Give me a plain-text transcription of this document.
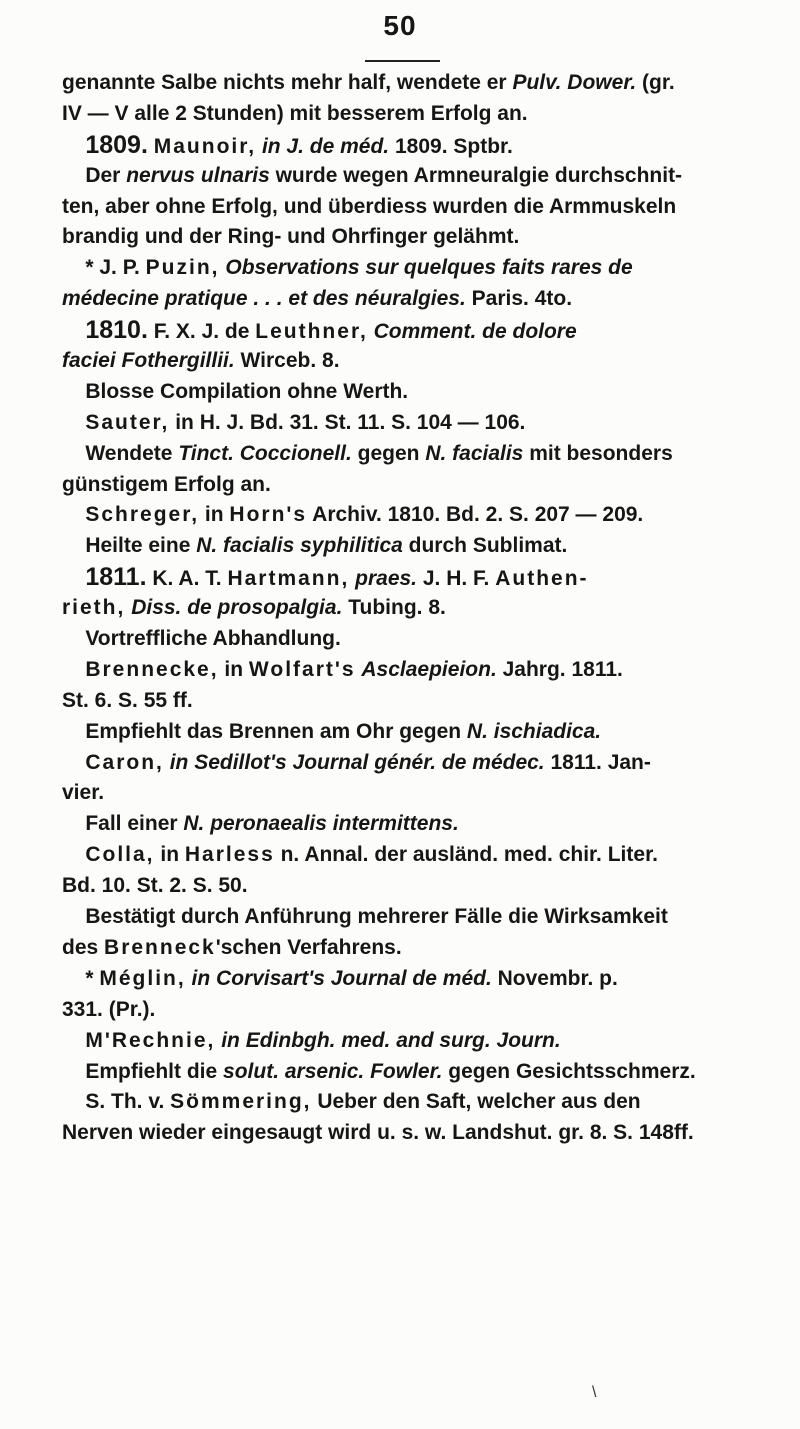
50
genannte Salbe nichts mehr half, wendete er Pulv. Dower. (gr.
IV — V alle 2 Stunden) mit besserem Erfolg an.
1809. Maunoir, in J. de méd. 1809. Sptbr.
Der nervus ulnaris wurde wegen Armneuralgie durchschnit-
ten, aber ohne Erfolg, und überdiess wurden die Armmuskeln
brandig und der Ring- und Ohrfinger gelähmt.
* J. P. Puzin, Observations sur quelques faits rares de
médecine pratique . . . et des néuralgies. Paris. 4to.
1810. F. X. J. de Leuthner, Comment. de dolore
faciei Fothergillii. Wirceb. 8.
Blosse Compilation ohne Werth.
Sauter, in H. J. Bd. 31. St. 11. S. 104 — 106.
Wendete Tinct. Coccionell. gegen N. facialis mit besonders
günstigem Erfolg an.
Schreger, in Horn's Archiv. 1810. Bd. 2. S. 207 — 209.
Heilte eine N. facialis syphilitica durch Sublimat.
1811. K. A. T. Hartmann, praes. J. H. F. Authen-
rieth, Diss. de prosopalgia. Tubing. 8.
Vortreffliche Abhandlung.
Brennecke, in Wolfart's Asclaepieion. Jahrg. 1811.
St. 6. S. 55 ff.
Empfiehlt das Brennen am Ohr gegen N. ischiadica.
Caron, in Sedillot's Journal génér. de médec. 1811. Jan-
vier.
Fall einer N. peronaealis intermittens.
Colla, in Harless n. Annal. der ausländ. med. chir. Liter.
Bd. 10. St. 2. S. 50.
Bestätigt durch Anführung mehrerer Fälle die Wirksamkeit
des Brenneck'schen Verfahrens.
* Méglin, in Corvisart's Journal de méd. Novembr. p.
331. (Pr.).
M'Rechnie, in Edinbgh. med. and surg. Journ.
Empfiehlt die solut. arsenic. Fowler. gegen Gesichtsschmerz.
S. Th. v. Sömmering, Ueber den Saft, welcher aus den
Nerven wieder eingesaugt wird u. s. w. Landshut. gr. 8. S. 148ff.
\
